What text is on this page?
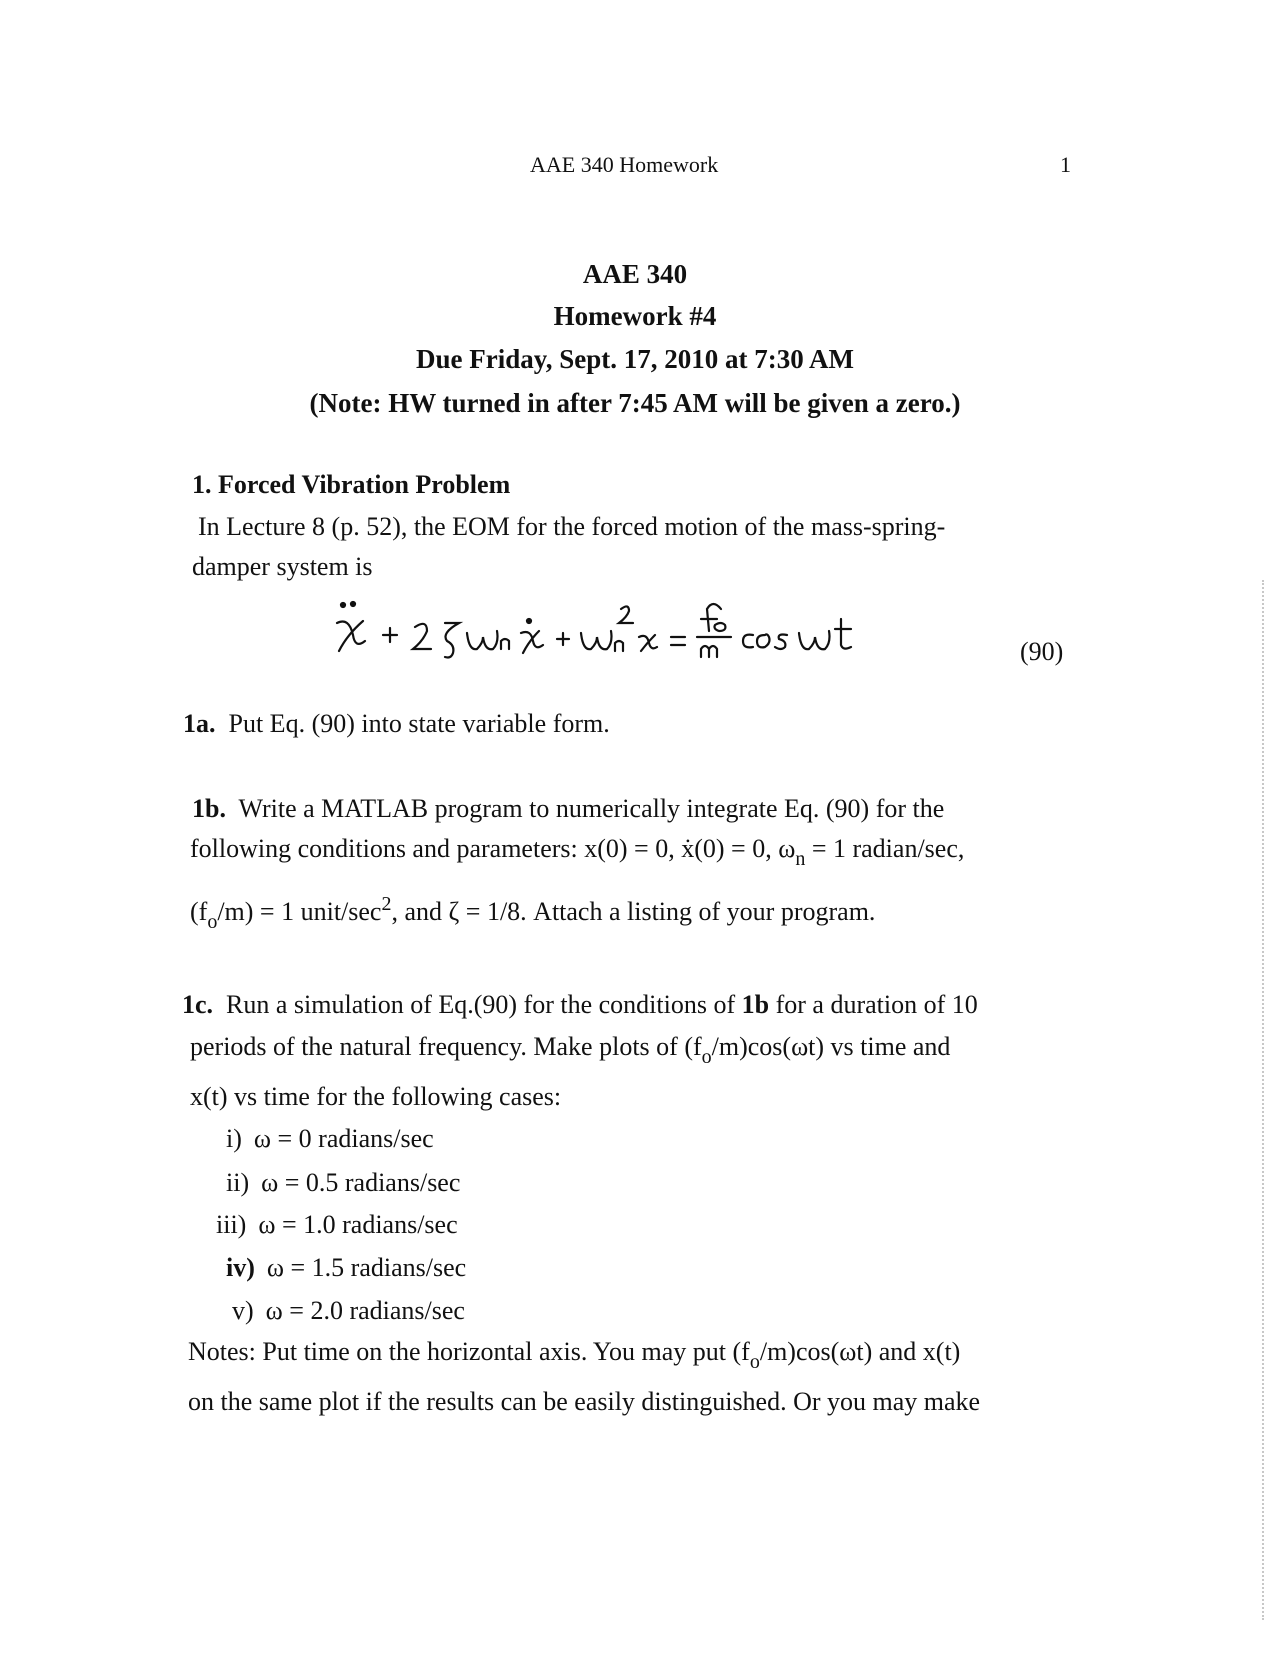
AAE 340 Homework	1
AAE 340
Homework #4
Due Friday, Sept. 17, 2010 at 7:30 AM
(Note: HW turned in after 7:45 AM will be given a zero.)
1. Forced Vibration Problem
In Lecture 8 (p. 52), the EOM for the forced motion of the mass-spring-
damper system is
(90)
1a. Put Eq. (90) into state variable form.
1b. Write a MATLAB program to numerically integrate Eq. (90) for the
following conditions and parameters: x(0) = 0, ẋ(0) = 0, $\omega_n = 1$ radian/sec,
$(f_o/m) = 1$ unit/$\sec^2$, and ζ = 1/8. Attach a listing of your program.
1c. Run a simulation of Eq.(90) for the conditions of 1b for a duration of 10
periods of the natural frequency. Make plots of $(f_o/m)\cos(\omega t)$ vs time and
x(t) vs time for the following cases:
i) ω = 0 radians/sec
ii) ω = 0.5 radians/sec
iii) ω = 1.0 radians/sec
iv) ω = 1.5 radians/sec
v) ω = 2.0 radians/sec
Notes: Put time on the horizontal axis. You may put $(f_o/m)\cos(\omega t)$ and x(t)
on the same plot if the results can be easily distinguished. Or you may make
